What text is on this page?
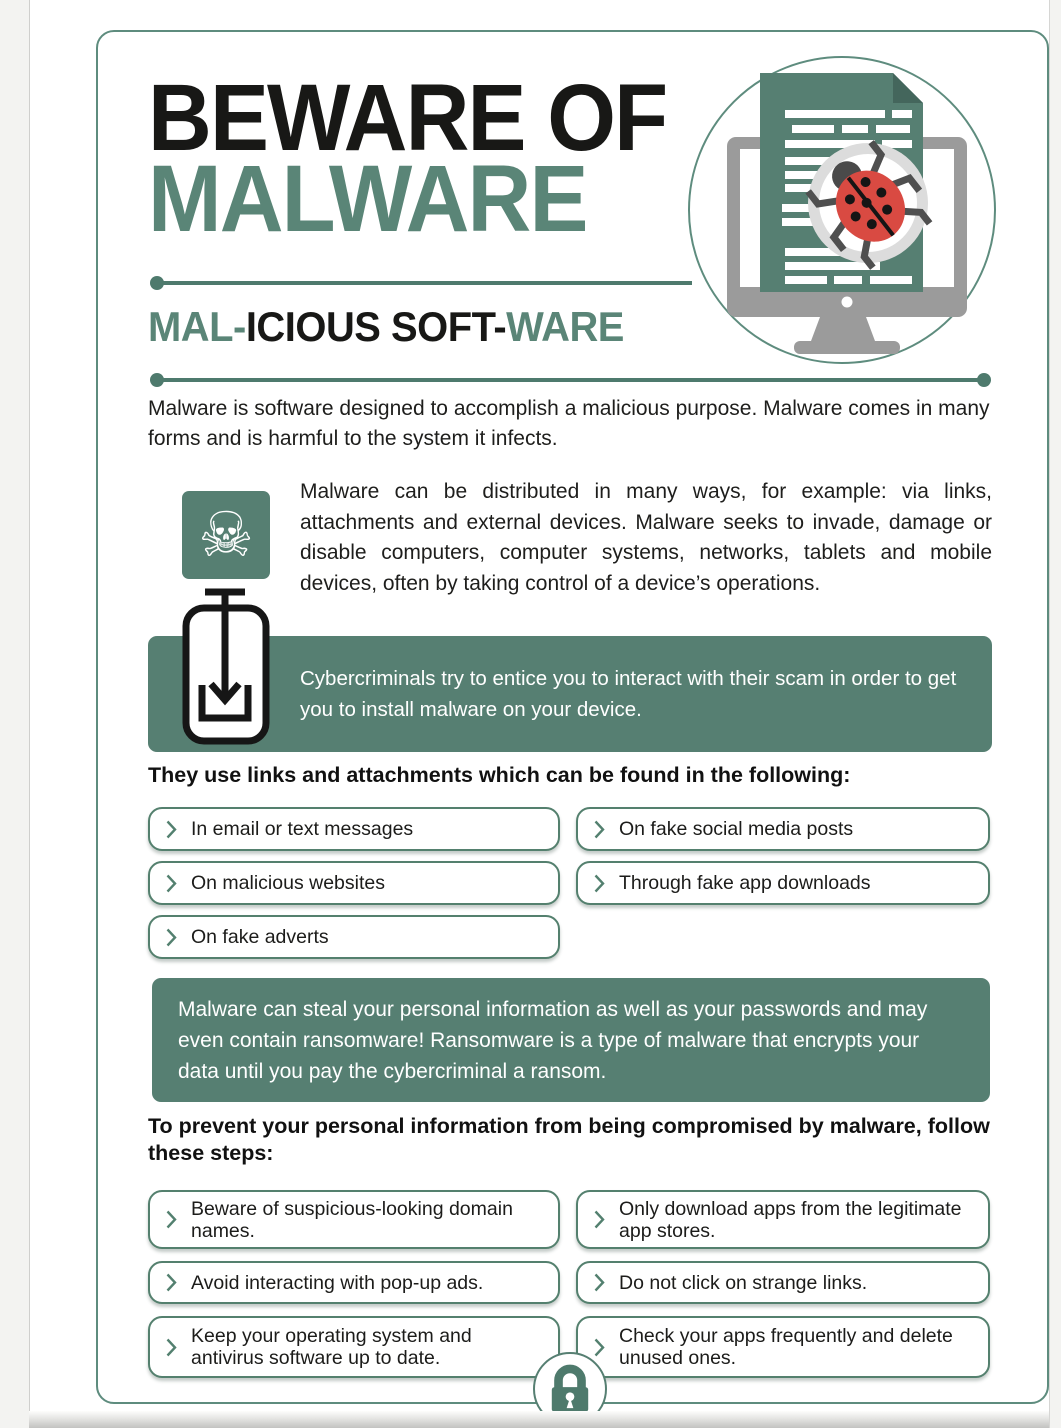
BEWARE OF
MALWARE
MAL-ICIOUS SOFT-WARE

Malware is software designed to accomplish a malicious purpose. Malware comes in many forms and is harmful to the system it infects.

☠

Malware can be distributed in many ways, for example: via links, attachments and external devices. Malware seeks to invade, damage or disable computers, computer systems, networks, tablets and mobile devices, often by taking control of a device’s operations.

Cybercriminals try to entice you to interact with their scam in order to get you to install malware on your device.

They use links and attachments which can be found in the following:
In email or text messages	On fake social media posts
On malicious websites	Through fake app downloads
On fake adverts

Malware can steal your personal information as well as your passwords and may even contain ransomware! Ransomware is a type of malware that encrypts your data until you pay the cybercriminal a ransom.

To prevent your personal information from being compromised by malware, follow these steps:
Beware of suspicious-looking domain names.
Only download apps from the legitimate app stores.
Avoid interacting with pop-up ads.	Do not click on strange links.
Keep your operating system and antivirus software up to date.
Check your apps frequently and delete unused ones.
